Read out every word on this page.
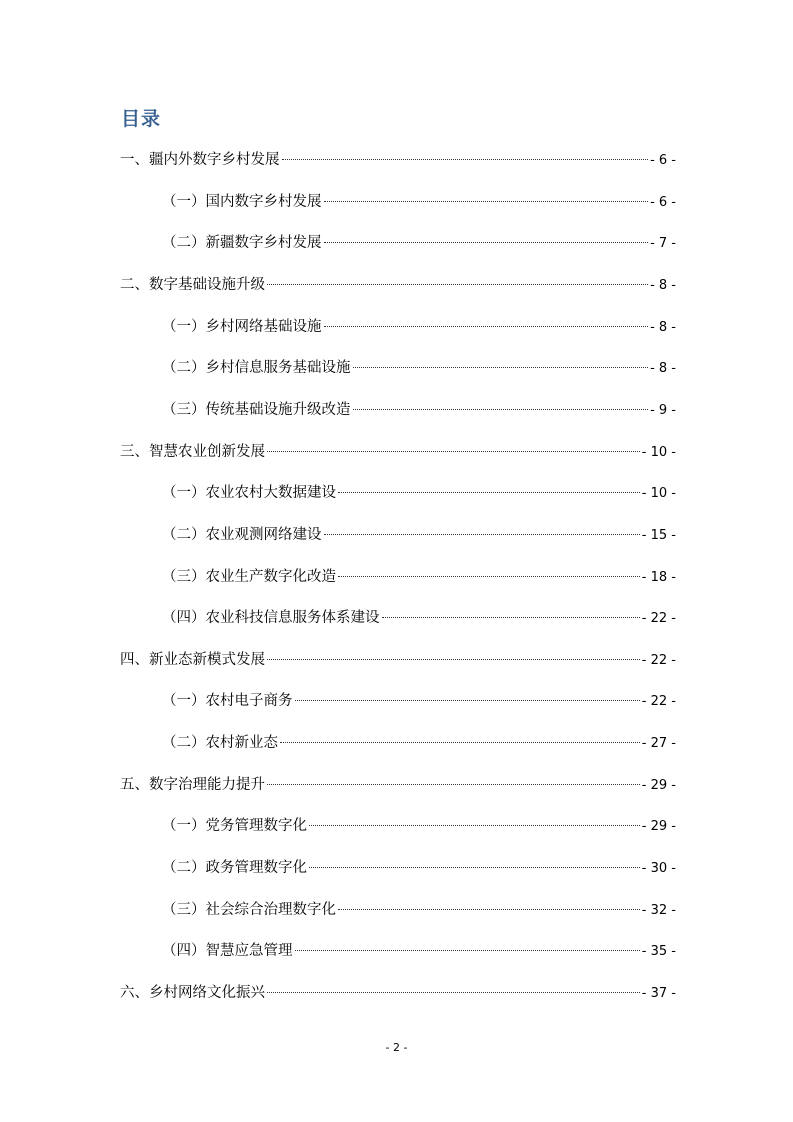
目录
一、疆内外数字乡村发展	- 6 -
（一）国内数字乡村发展	- 6 -
（二）新疆数字乡村发展	- 7 -
二、数字基础设施升级	- 8 -
（一）乡村网络基础设施	- 8 -
（二）乡村信息服务基础设施	- 8 -
（三）传统基础设施升级改造	- 9 -
三、智慧农业创新发展	- 10 -
（一）农业农村大数据建设	- 10 -
（二）农业观测网络建设	- 15 -
（三）农业生产数字化改造	- 18 -
（四）农业科技信息服务体系建设	- 22 -
四、新业态新模式发展	- 22 -
（一）农村电子商务	- 22 -
（二）农村新业态	- 27 -
五、数字治理能力提升	- 29 -
（一）党务管理数字化	- 29 -
（二）政务管理数字化	- 30 -
（三）社会综合治理数字化	- 32 -
（四）智慧应急管理	- 35 -
六、乡村网络文化振兴	- 37 -
- 2 -
